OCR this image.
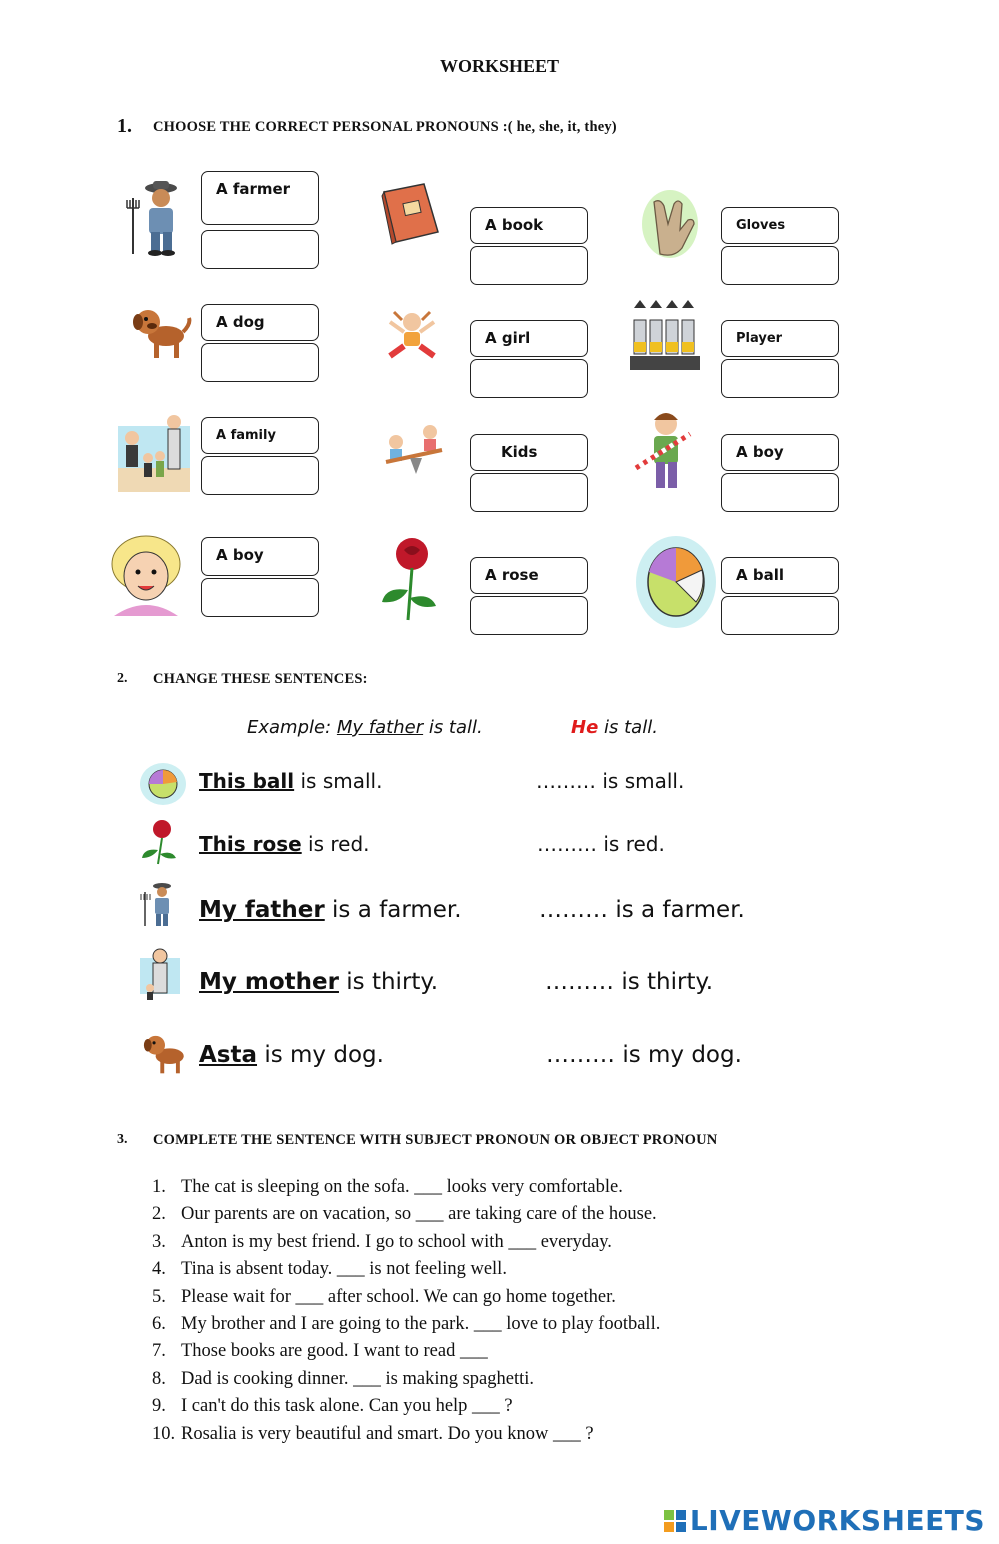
WORKSHEET
1. CHOOSE THE CORRECT PERSONAL PRONOUNS :( he, she, it, they)
A farmer
A book	Gloves
A dog
A girl	Player
A family
Kids	A boy
A boy
A rose	A ball
2. CHANGE THESE SENTENCES:
Example: My father is tall.	He is tall.
This ball is small.	……… is small.
This rose is red.	……… is red.
My father is a farmer.	……… is a farmer.
My mother is thirty.	……… is thirty.
Asta is my dog.	……… is my dog.
3. COMPLETE THE SENTENCE WITH SUBJECT PRONOUN OR OBJECT PRONOUN
1. The cat is sleeping on the sofa. ___ looks very comfortable.
2. Our parents are on vacation, so ___ are taking care of the house.
3. Anton is my best friend. I go to school with ___ everyday.
4. Tina is absent today. ___ is not feeling well.
5. Please wait for ___ after school. We can go home together.
6. My brother and I are going to the park. ___ love to play football.
7. Those books are good. I want to read ___
8. Dad is cooking dinner. ___ is making spaghetti.
9. I can't do this task alone. Can you help ___ ?
10. Rosalia is very beautiful and smart. Do you know ___ ?
LIVEWORKSHEETS
